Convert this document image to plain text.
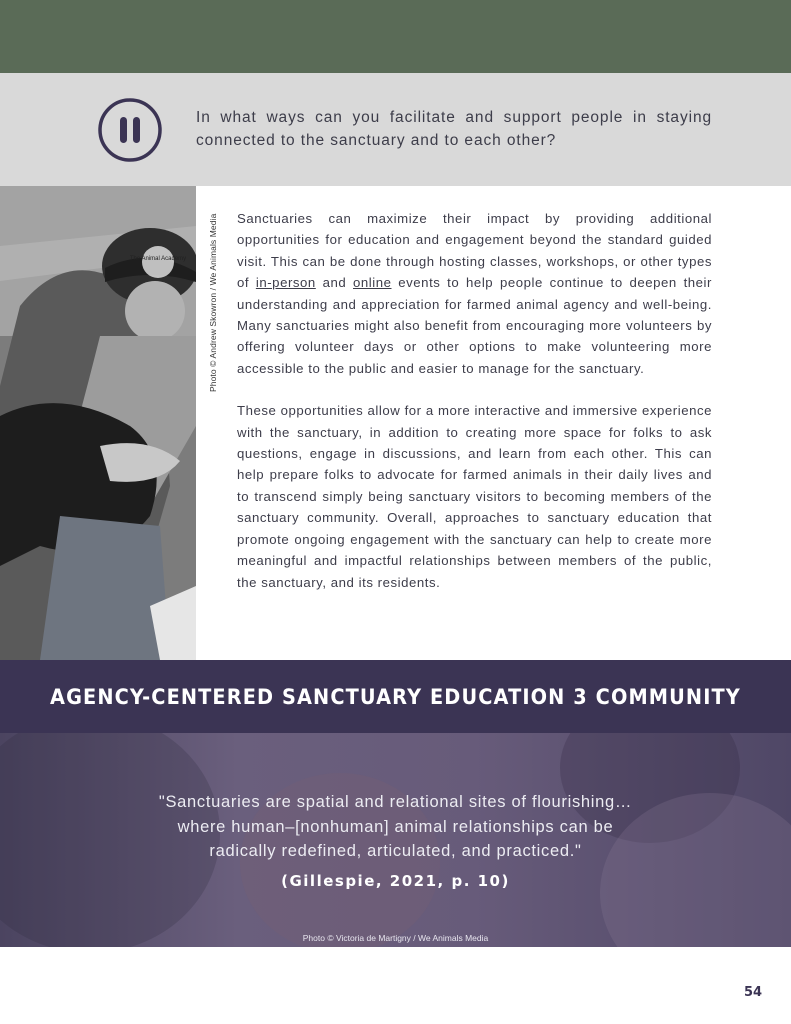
In what ways can you facilitate and support people in staying connected to the sanctuary and to each other?
The Animal Academy	Photo © Andrew Skowron / We Animals Media Sanctuaries can maximize their impact by providing additional opportunities for education and engagement beyond the standard guided visit. This can be done through hosting classes, workshops, or other types of in-person and online events to help people continue to deepen their understanding and appreciation for farmed animal agency and well-being. Many sanctuaries might also benefit from encouraging more volunteers by offering volunteer days or other options to make volunteering more accessible to the public and easier to manage for the sanctuary.

These opportunities allow for a more interactive and immersive experience with the sanctuary, in addition to creating more space for folks to ask questions, engage in discussions, and learn from each other. This can help prepare folks to advocate for farmed animals in their daily lives and to transcend simply being sanctuary visitors to becoming members of the sanctuary community. Overall, approaches to sanctuary education that promote ongoing engagement with the sanctuary can help to create more meaningful and impactful relationships between members of the public, the sanctuary, and its residents.

AGENCY-CENTERED SANCTUARY EDUCATION 3 COMMUNITY
"Sanctuaries are spatial and relational sites of flourishing…
where human–[nonhuman] animal relationships can be
radically redefined, articulated, and practiced."
(Gillespie, 2021, p. 10)
Photo © Victoria de Martigny / We Animals Media
54
